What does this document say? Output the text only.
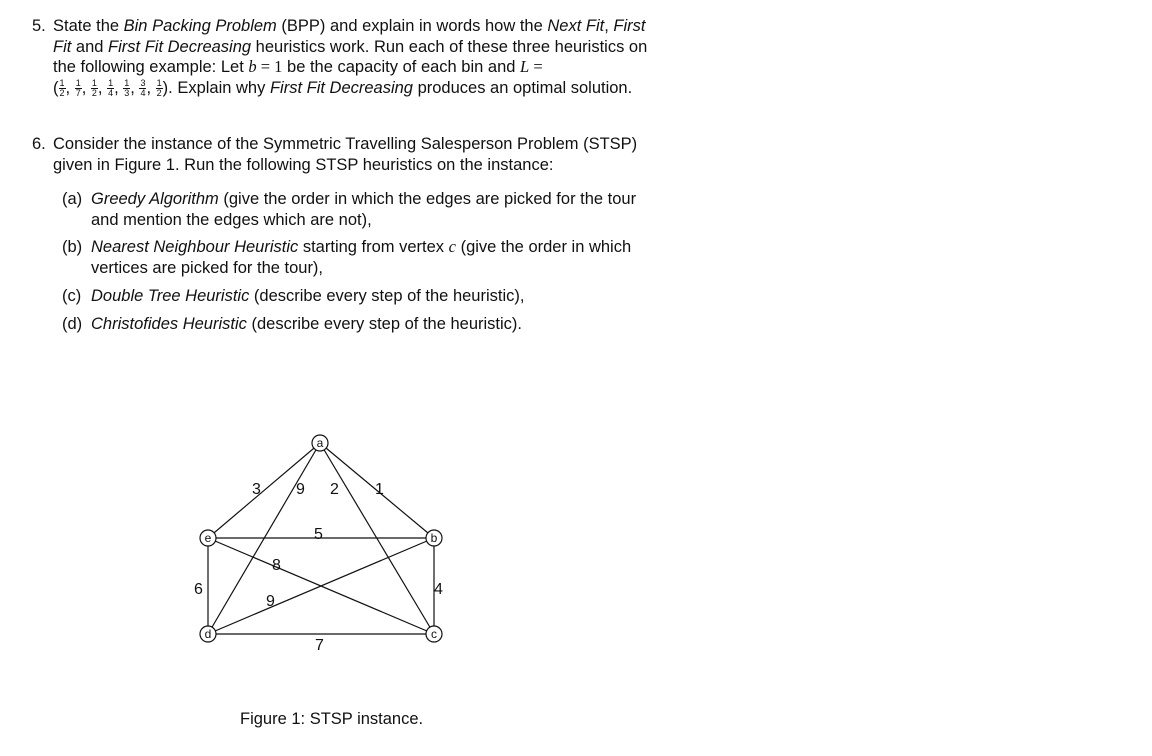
5. State the Bin Packing Problem (BPP) and explain in words how the Next Fit, First Fit and First Fit Decreasing heuristics work. Run each of these three heuristics on the following example: Let b = 1 be the capacity of each bin and L =
( $\frac{1}{2}$ , $\frac{1}{7}$ , $\frac{1}{2}$ , $\frac{1}{4}$ , $\frac{1}{3}$ , $\frac{3}{4}$ , $\frac{1}{2}$ ). Explain why First Fit Decreasing produces an optimal solution.
6. Consider the instance of the Symmetric Travelling Salesperson Problem (STSP) given in Figure 1. Run the following STSP heuristics on the instance:
(a) Greedy Algorithm (give the order in which the edges are picked for the tour and mention the edges which are not),
(b) Nearest Neighbour Heuristic starting from vertex c (give the order in which vertices are picked for the tour),
(c) Double Tree Heuristic (describe every step of the heuristic),
(d) Christofides Heuristic (describe every step of the heuristic).
a
b
c
d
e
3 9 2 1
5
8
9
6	4
7
Figure 1: STSP instance.
